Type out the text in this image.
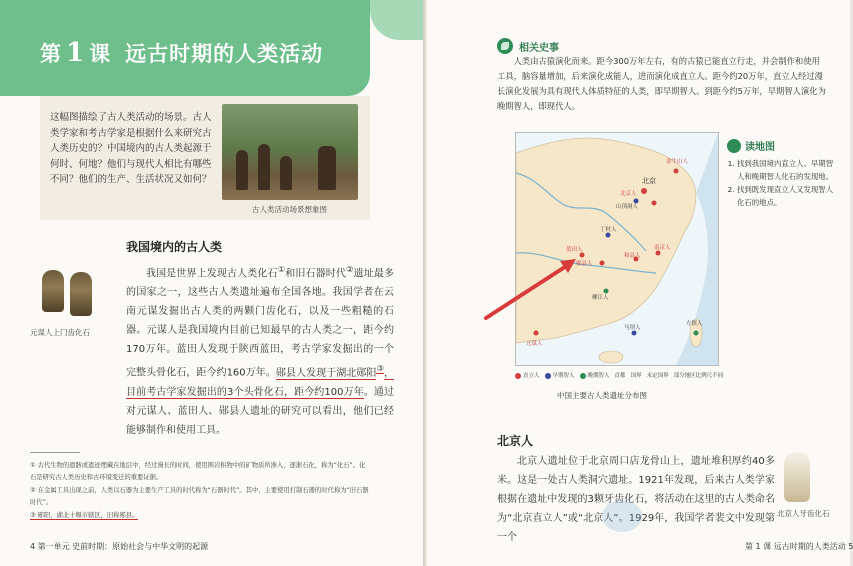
第 1 课 远古时期的人类活动
这幅图描绘了古人类活动的场景。古人类学家和考古学家是根据什么来研究古人类历史的？中国境内的古人类起源于何时、何地？他们与现代人相比有哪些不同？他们的生产、生活状况又如何？
古人类活动场景想象图
我国境内的古人类
元谋人上门齿化石

我国是世界上发现古人类化石①和旧石器时代②遗址最多的国家之一，这些古人类遗址遍布全国各地。我国学者在云南元谋发掘出古人类的两颗门齿化石，以及一些粗糙的石器。元谋人是我国境内目前已知最早的古人类之一，距今约170万年。蓝田人发现于陕西蓝田，考古学家发掘出的一个完整头骨化石，距今约160万年。郧县人发现于湖北郧阳③，目前考古学家发掘出的3个头骨化石，距今约100万年。通过对元谋人、蓝田人、郧县人遗址的研究可以看出，他们已经能够制作和使用工具。

① 古代生物的遗骸或遗迹埋藏在地层中，经过漫长的时间，使用围岩积物中的矿物质所渗入，逐渐石化，称为“化石”。化石是研究古人类历史和古环境变迁的重要证据。

② 在金属工具出现之前，人类以石器为主要生产工具的时代称为“石器时代”。其中，主要使用打制石器的时代称为“旧石器时代”。

③ 郧阳，湖北十堰市辖区，旧称郧县。

4 第一单元 史前时期：原始社会与中华文明的起源
相关史事

人类由古猿演化而来。距今300万年左右，有的古猿已能直立行走，并会制作和使用工具，脑容量增加，后来演化成能人，进而演化成直立人。距今约20万年，直立人经过漫长演化发展为具有现代人体质特征的人类，即早期智人。到距今约5万年，早期智人演化为晚期智人，即现代人。

北京
北京人
山顶洞人
丁村人
蓝田人
郧县人
和县人
南京人
柳江人
马坝人
元谋人
左镇人
金牛山人
直立人	早期智人	晚期智人 首都 国界 未定国界 部分地区比例尺不同
中国主要古人类遗址分布图
读地图
1. 找到我国境内直立人、早期智人和晚期智人化石的发现地。
2. 找到既发现直立人又发现智人化石的地点。
北京人

北京人遗址位于北京周口店龙骨山上，遗址堆积厚约40多米。这是一处古人类洞穴遗址。1921年发现，后来古人类学家根据在遗址中发现的3颗牙齿化石，将活动在这里的古人类命名为“北京直立人”或“北京人”。1929年，我国学者裴文中发现第一个

北京人牙齿化石
第 1 课 远古时期的人类活动 5
